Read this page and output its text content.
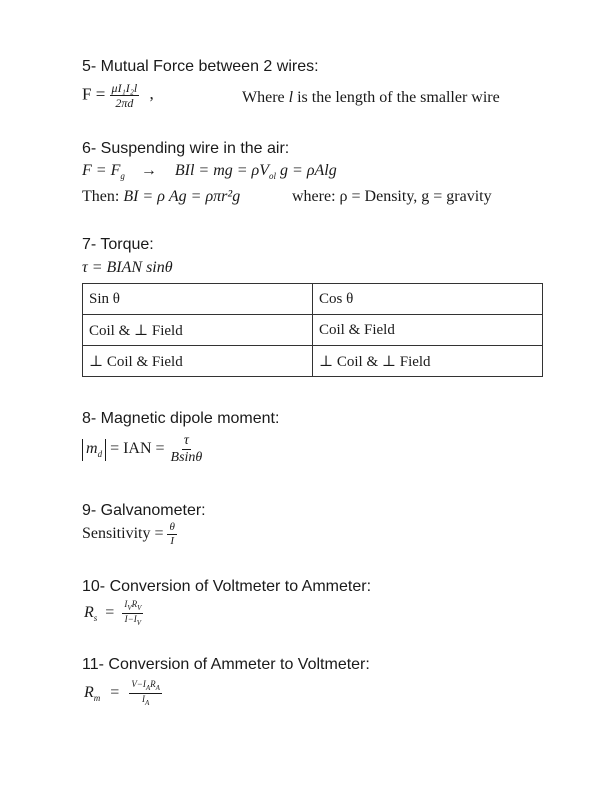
5- Mutual Force between 2 wires:
$F = \frac{\text{μI₁I₂l}}{2\pi d}$ ,	Where l is the length of the smaller wire
6- Suspending wire in the air:
$F = F_g$ → BIl = mg = $\rho V_{ol}$ g = ρAlg
Then: BI = ρ Ag = ρπr²g	where: ρ = Density, g = gravity
7- Torque:
τ = BIAN sinθ
Sin θ	Cos θ
Coil & ⊥ Field	Coil & Field
⊥ Coil & Field	⊥ Coil & ⊥ Field
8- Magnetic dipole moment:
$m_d$ = IAN = $\frac{\tau}{Bsin\theta}$
9- Galvanometer:
Sensitivity = $\frac{\theta}{I}$
10- Conversion of Voltmeter to Ammeter:
$R_s = \frac{I_VR_V}{I-I_V}$
11- Conversion of Ammeter to Voltmeter:
$R_m = \frac{V-I_AR_A}{I_A}$
